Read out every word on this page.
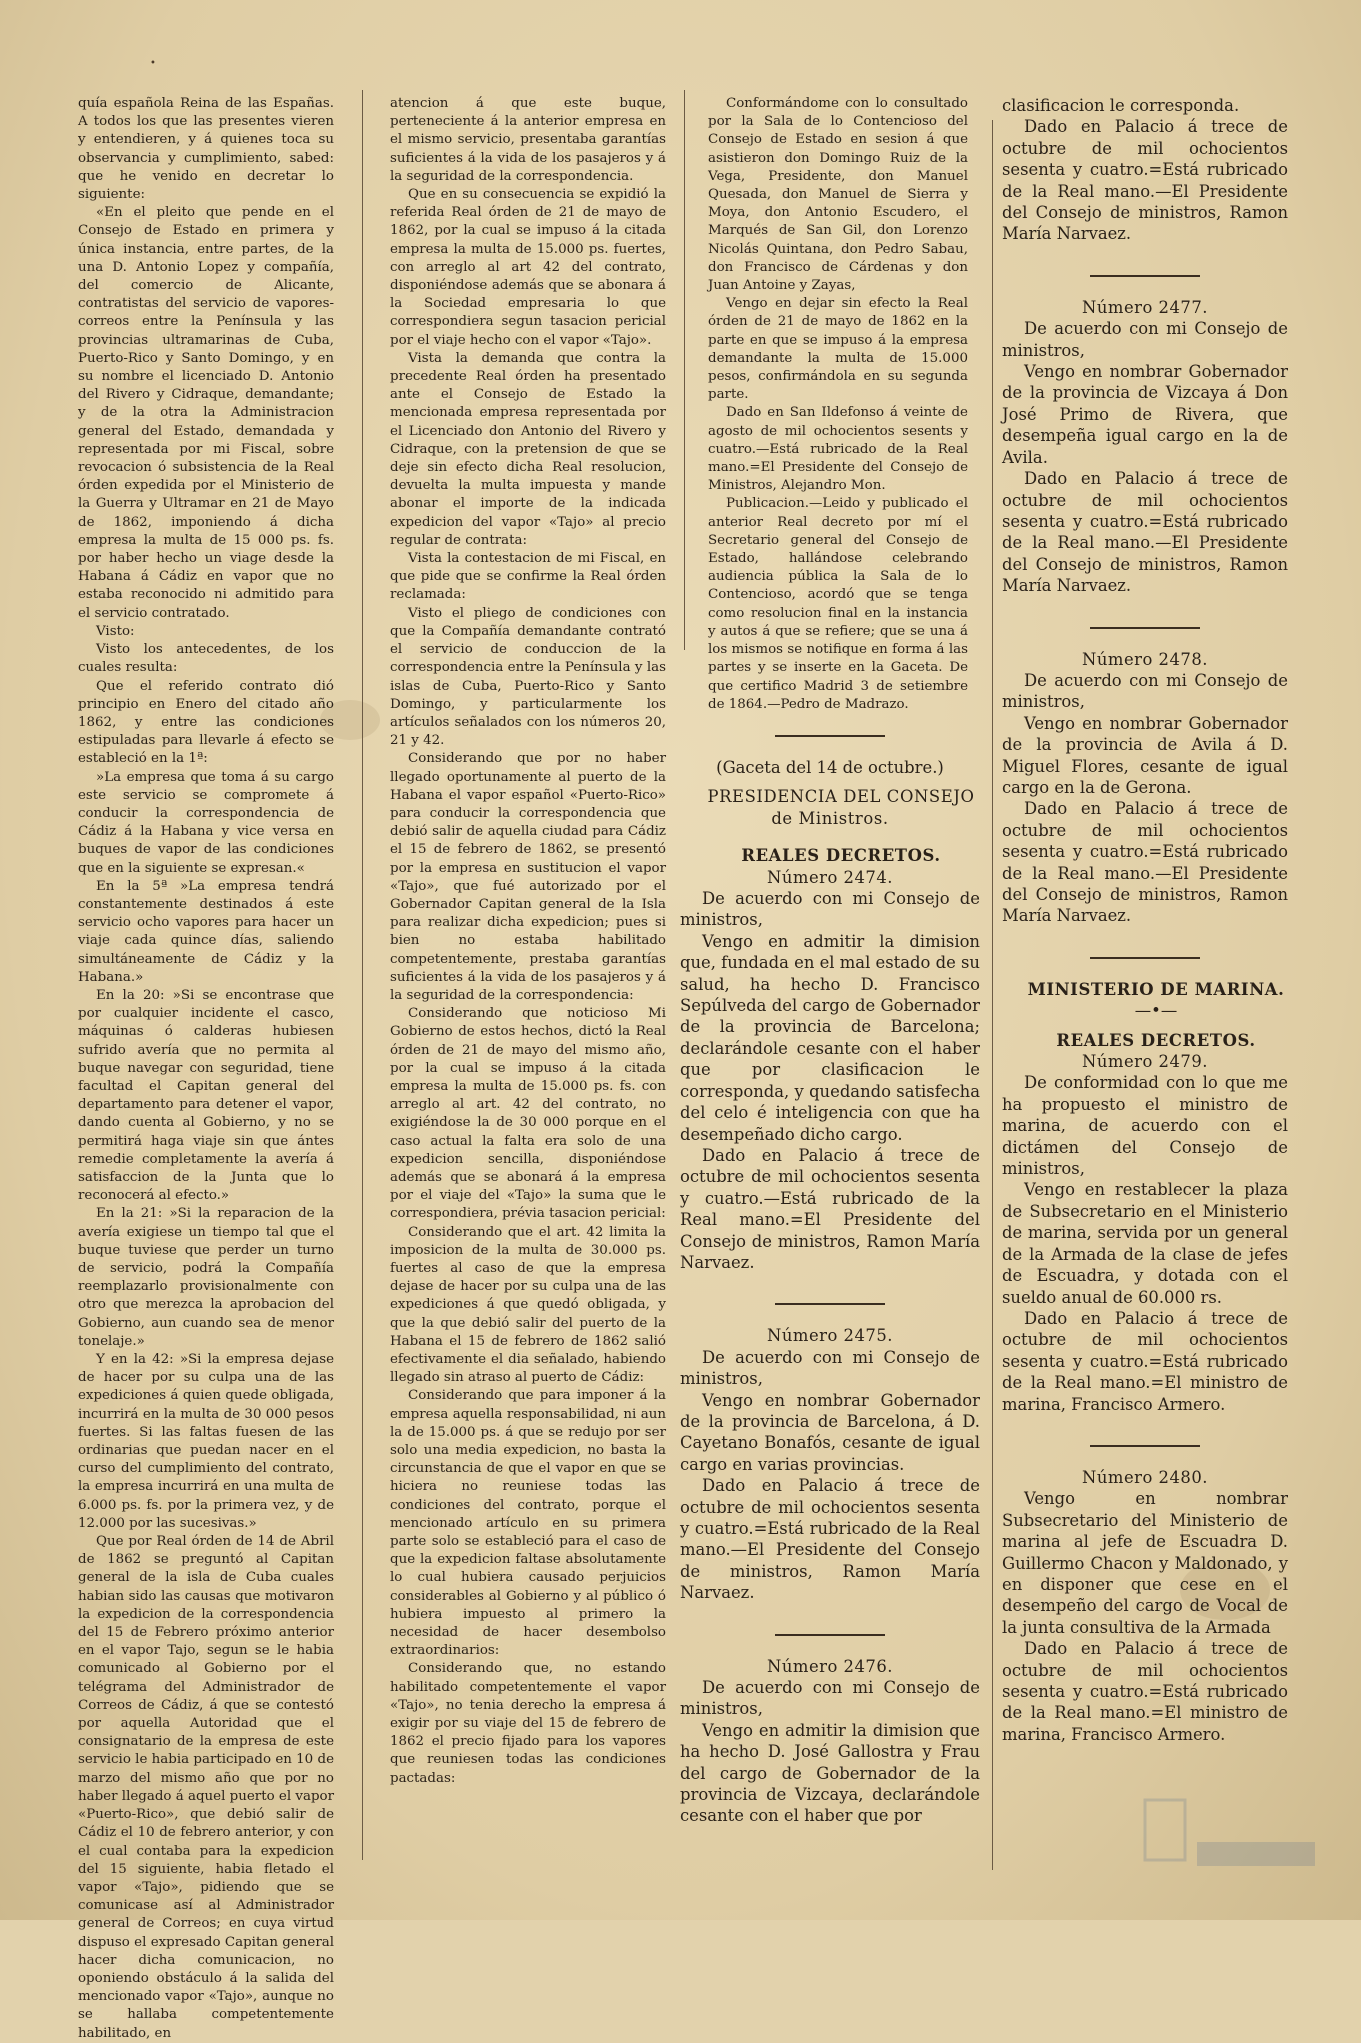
•

quía española Reina de las Españas. A todos los que las presentes vieren y entendieren, y á quienes toca su observancia y cumplimiento, sabed: que he venido en decretar lo siguiente:

«En el pleito que pende en el Consejo de Estado en primera y única instancia, entre partes, de la una D. Antonio Lopez y compañía, del comercio de Alicante, contratistas del servicio de vapores- correos entre la Península y las provincias ultramarinas de Cuba, Puerto-Rico y Santo Domingo, y en su nombre el licenciado D. Antonio del Rivero y Cidraque, demandante; y de la otra la Administracion general del Estado, demandada y representada por mi Fiscal, sobre revocacion ó subsistencia de la Real órden expedida por el Ministerio de la Guerra y Ultramar en 21 de Mayo de 1862, imponiendo á dicha empresa la multa de 15 000 ps. fs. por haber hecho un viage desde la Habana á Cádiz en vapor que no estaba reconocido ni admitido para el servicio contratado.

Visto:

Visto los antecedentes, de los cuales resulta:

Que el referido contrato dió principio en Enero del citado año 1862, y entre las condiciones estipuladas para llevarle á efecto se estableció en la 1ª:

»La empresa que toma á su cargo este servicio se compromete á conducir la correspondencia de Cádiz á la Habana y vice versa en buques de vapor de las condiciones que en la siguiente se expresan.«

En la 5ª »La empresa tendrá constantemente destinados á este servicio ocho vapores para hacer un viaje cada quince días, saliendo simultáneamente de Cádiz y la Habana.»

En la 20: »Si se encontrase que por cualquier incidente el casco, máquinas ó calderas hubiesen sufrido avería que no permita al buque navegar con seguridad, tiene facultad el Capitan general del departamento para detener el vapor, dando cuenta al Gobierno, y no se permitirá haga viaje sin que ántes remedie completamente la avería á satisfaccion de la Junta que lo reconocerá al efecto.»

En la 21: »Si la reparacion de la avería exigiese un tiempo tal que el buque tuviese que perder un turno de servicio, podrá la Compañía reemplazarlo provisionalmente con otro que merezca la aprobacion del Gobierno, aun cuando sea de menor tonelaje.»

Y en la 42: »Si la empresa dejase de hacer por su culpa una de las expediciones á quien quede obligada, incurrirá en la multa de 30 000 pesos fuertes. Si las faltas fuesen de las ordinarias que puedan nacer en el curso del cumplimiento del contrato, la empresa incurrirá en una multa de 6.000 ps. fs. por la primera vez, y de 12.000 por las sucesivas.»

Que por Real órden de 14 de Abril de 1862 se preguntó al Capitan general de la isla de Cuba cuales habian sido las causas que motivaron la expedicion de la correspondencia del 15 de Febrero próximo anterior en el vapor Tajo, segun se le habia comunicado al Gobierno por el telégrama del Administrador de Correos de Cádiz, á que se contestó por aquella Autoridad que el consignatario de la empresa de este servicio le habia participado en 10 de marzo del mismo año que por no haber llegado á aquel puerto el vapor «Puerto-Rico», que debió salir de Cádiz el 10 de febrero anterior, y con el cual contaba para la expedicion del 15 siguiente, habia fletado el vapor «Tajo», pidiendo que se comunicase así al Administrador general de Correos; en cuya virtud dispuso el expresado Capitan general hacer dicha comunicacion, no oponiendo obstáculo á la salida del mencionado vapor «Tajo», aunque no se hallaba competentemente habilitado, en

atencion á que este buque, perteneciente á la anterior empresa en el mismo servicio, presentaba garantías suficientes á la vida de los pasajeros y á la seguridad de la correspondencia.

Que en su consecuencia se expidió la referida Real órden de 21 de mayo de 1862, por la cual se impuso á la citada empresa la multa de 15.000 ps. fuertes, con arreglo al art 42 del contrato, disponiéndose además que se abonara á la Sociedad empresaria lo que correspondiera segun tasacion pericial por el viaje hecho con el vapor «Tajo».

Vista la demanda que contra la precedente Real órden ha presentado ante el Consejo de Estado la mencionada empresa representada por el Licenciado don Antonio del Rivero y Cidraque, con la pretension de que se deje sin efecto dicha Real resolucion, devuelta la multa impuesta y mande abonar el importe de la indicada expedicion del vapor «Tajo» al precio regular de contrata:

Vista la contestacion de mi Fiscal, en que pide que se confirme la Real órden reclamada:

Visto el pliego de condiciones con que la Compañía demandante contrató el servicio de conduccion de la correspondencia entre la Península y las islas de Cuba, Puerto-Rico y Santo Domingo, y particularmente los artículos señalados con los números 20, 21 y 42.

Considerando que por no haber llegado oportunamente al puerto de la Habana el vapor español «Puerto-Rico» para conducir la correspondencia que debió salir de aquella ciudad para Cádiz el 15 de febrero de 1862, se presentó por la empresa en sustitucion el vapor «Tajo», que fué autorizado por el Gobernador Capitan general de la Isla para realizar dicha expedicion; pues si bien no estaba habilitado competentemente, prestaba garantías suficientes á la vida de los pasajeros y á la seguridad de la correspondencia:

Considerando que noticioso Mi Gobierno de estos hechos, dictó la Real órden de 21 de mayo del mismo año, por la cual se impuso á la citada empresa la multa de 15.000 ps. fs. con arreglo al art. 42 del contrato, no exigiéndose la de 30 000 porque en el caso actual la falta era solo de una expedicion sencilla, disponiéndose además que se abonará á la empresa por el viaje del «Tajo» la suma que le correspondiera, prévia tasacion pericial:

Considerando que el art. 42 limita la imposicion de la multa de 30.000 ps. fuertes al caso de que la empresa dejase de hacer por su culpa una de las expediciones á que quedó obligada, y que la que debió salir del puerto de la Habana el 15 de febrero de 1862 salió efectivamente el dia señalado, habiendo llegado sin atraso al puerto de Cádiz:

Considerando que para imponer á la empresa aquella responsabilidad, ni aun la de 15.000 ps. á que se redujo por ser solo una media expedicion, no basta la circunstancia de que el vapor en que se hiciera no reuniese todas las condiciones del contrato, porque el mencionado artículo en su primera parte solo se estableció para el caso de que la expedicion faltase absolutamente lo cual hubiera causado perjuicios considerables al Gobierno y al público ó hubiera impuesto al primero la necesidad de hacer desembolso extraordinarios:

Considerando que, no estando habilitado competentemente el vapor «Tajo», no tenia derecho la empresa á exigir por su viaje del 15 de febrero de 1862 el precio fijado para los vapores que reuniesen todas las condiciones pactadas:

Conformándome con lo consultado por la Sala de lo Contencioso del Consejo de Estado en sesion á que asistieron don Domingo Ruiz de la Vega, Presidente, don Manuel Quesada, don Manuel de Sierra y Moya, don Antonio Escudero, el Marqués de San Gil, don Lorenzo Nicolás Quintana, don Pedro Sabau, don Francisco de Cárdenas y don Juan Antoine y Zayas,

Vengo en dejar sin efecto la Real órden de 21 de mayo de 1862 en la parte en que se impuso á la empresa demandante la multa de 15.000 pesos, confirmándola en su segunda parte.

Dado en San Ildefonso á veinte de agosto de mil ochocientos sesents y cuatro.—Está rubricado de la Real mano.=El Presidente del Consejo de Ministros, Alejandro Mon.

Publicacion.—Leido y publicado el anterior Real decreto por mí el Secretario general del Consejo de Estado, hallándose celebrando audiencia pública la Sala de lo Contencioso, acordó que se tenga como resolucion final en la instancia y autos á que se refiere; que se una á los mismos se notifique en forma á las partes y se inserte en la Gaceta. De que certifico Madrid 3 de setiembre de 1864.—Pedro de Madrazo.

(Gaceta del 14 de octubre.)

PRESIDENCIA DEL CONSEJO de Ministros.

REALES DECRETOS.

Número 2474.

De acuerdo con mi Consejo de ministros,

Vengo en admitir la dimision que, fundada en el mal estado de su salud, ha hecho D. Francisco Sepúlveda del cargo de Gobernador de la provincia de Barcelona; declarándole cesante con el haber que por clasificacion le corresponda, y quedando satisfecha del celo é inteligencia con que ha desempeñado dicho cargo.

Dado en Palacio á trece de octubre de mil ochocientos sesenta y cuatro.—Está rubricado de la Real mano.=El Presidente del Consejo de ministros, Ramon María Narvaez.

Número 2475.

De acuerdo con mi Consejo de ministros,

Vengo en nombrar Gobernador de la provincia de Barcelona, á D. Cayetano Bonafós, cesante de igual cargo en varias provincias.

Dado en Palacio á trece de octubre de mil ochocientos sesenta y cuatro.=Está rubricado de la Real mano.—El Presidente del Consejo de ministros, Ramon María Narvaez.

Número 2476.

De acuerdo con mi Consejo de ministros,

Vengo en admitir la dimision que ha hecho D. José Gallostra y Frau del cargo de Gobernador de la provincia de Vizcaya, declarándole cesante con el haber que por

clasificacion le corresponda.

Dado en Palacio á trece de octubre de mil ochocientos sesenta y cuatro.=Está rubricado de la Real mano.—El Presidente del Consejo de ministros, Ramon María Narvaez.

Número 2477.

De acuerdo con mi Consejo de ministros,

Vengo en nombrar Gobernador de la provincia de Vizcaya á Don José Primo de Rivera, que desempeña igual cargo en la de Avila.

Dado en Palacio á trece de octubre de mil ochocientos sesenta y cuatro.=Está rubricado de la Real mano.—El Presidente del Consejo de ministros, Ramon María Narvaez.

Número 2478.

De acuerdo con mi Consejo de ministros,

Vengo en nombrar Gobernador de la provincia de Avila á D. Miguel Flores, cesante de igual cargo en la de Gerona.

Dado en Palacio á trece de octubre de mil ochocientos sesenta y cuatro.=Está rubricado de la Real mano.—El Presidente del Consejo de ministros, Ramon María Narvaez.

MINISTERIO DE MARINA.

—•—

REALES DECRETOS.

Número 2479.

De conformidad con lo que me ha propuesto el ministro de marina, de acuerdo con el dictámen del Consejo de ministros,

Vengo en restablecer la plaza de Subsecretario en el Ministerio de marina, servida por un general de la Armada de la clase de jefes de Escuadra, y dotada con el sueldo anual de 60.000 rs.

Dado en Palacio á trece de octubre de mil ochocientos sesenta y cuatro.=Está rubricado de la Real mano.=El ministro de marina, Francisco Armero.

Número 2480.

Vengo en nombrar Subsecretario del Ministerio de marina al jefe de Escuadra D. Guillermo Chacon y Maldonado, y en disponer que cese en el desempeño del cargo de Vocal de la junta consultiva de la Armada

Dado en Palacio á trece de octubre de mil ochocientos sesenta y cuatro.=Está rubricado de la Real mano.=El ministro de marina, Francisco Armero.
